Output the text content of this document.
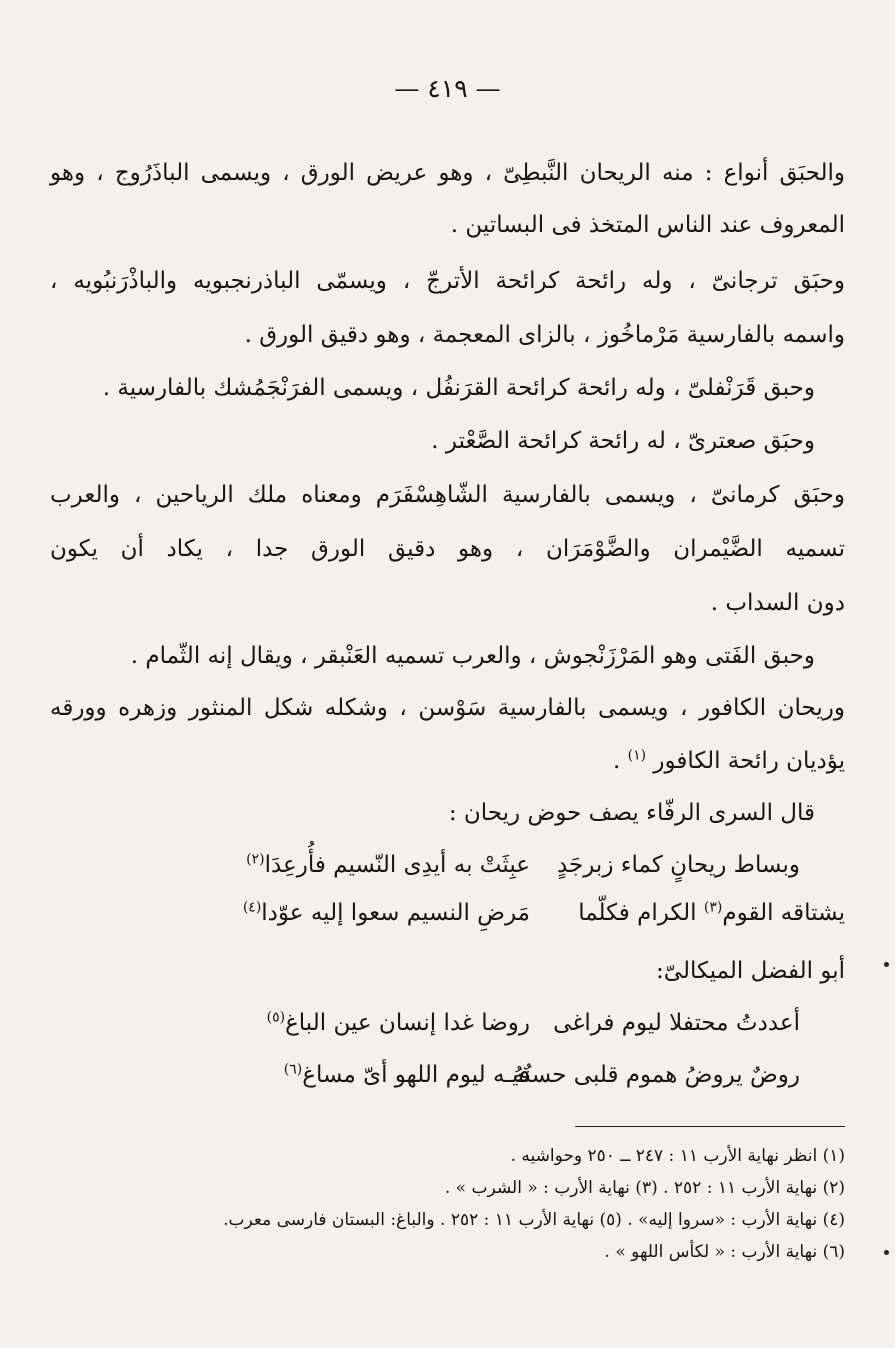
— ٤١٩ —
والحبَق أنواع : منه الريحان النَّبطِىّ ، وهو عريض الورق ، ويسمى الباذَرُوج ، وهو
المعروف عند الناس المتخذ فى البساتين .
وحبَق ترجانىّ ، وله رائحة كرائحة الأترجّ ، ويسمّى الباذرنجبويه والباذْرَنبُويه ،
واسمه بالفارسية مَرْماخُوز ، بالزاى المعجمة ، وهو دقيق الورق .
وحبق قَرَنْفلىّ ، وله رائحة كرائحة القرَنفُل ، ويسمى الفرَنْجَمُشك بالفارسية .
وحبَق صعترىّ ، له رائحة كرائحة الصَّعْتر .
وحبَق كرمانىّ ، ويسمى بالفارسية الشّاهِسْفَرَم ومعناه ملك الرياحين ، والعرب
تسميه الضَّيْمران والضَّوْمَرَان ، وهو دقيق الورق جدا ، يكاد أن يكون
دون السداب .
وحبق الفَتى وهو المَرْزَنْجوش ، والعرب تسميه العَنْبقر ، ويقال إنه الثّمام .
وريحان الكافور ، ويسمى بالفارسية سَوْسن ، وشكله شكل المنثور وزهره وورقه
يؤديان رائحة الكافور $^{(١)}$ .
قال السرى الرفّاء يصف حوض ريحان :
وبساط ريحانٍ كماء زبرجَدٍ
عبِثَتْ به أيدِى النّسيم فأُرعِدَا$^{(٢)}$
يشتاقه القوم$^{(٣)}$ الكرام فكلّما
مَرضِ النسيم سعوا إليه عوّدا$^{(٤)}$
أبو الفضل الميكالىّ:
أعددتُ محتفلا ليوم فراغى
روضا غدا إنسان عين الباغ$^{(٥)}$
روضٌ يروضُ هموم قلبى حسنُهُ
فيـه ليوم اللهو أىّ مساغ$^{(٦)}$
(١) انظر نهاية الأرب ١١ : ٢٤٧ ــ ٢٥٠ وحواشيه .
(٢) نهاية الأرب ١١ : ٢٥٢ . (٣) نهاية الأرب : « الشرب » .
(٤) نهاية الأرب : «سروا إليه» . (٥) نهاية الأرب ١١ : ٢٥٢ . والباغ: البستان فارسى معرب.
(٦) نهاية الأرب : « لكأس اللهو » .
